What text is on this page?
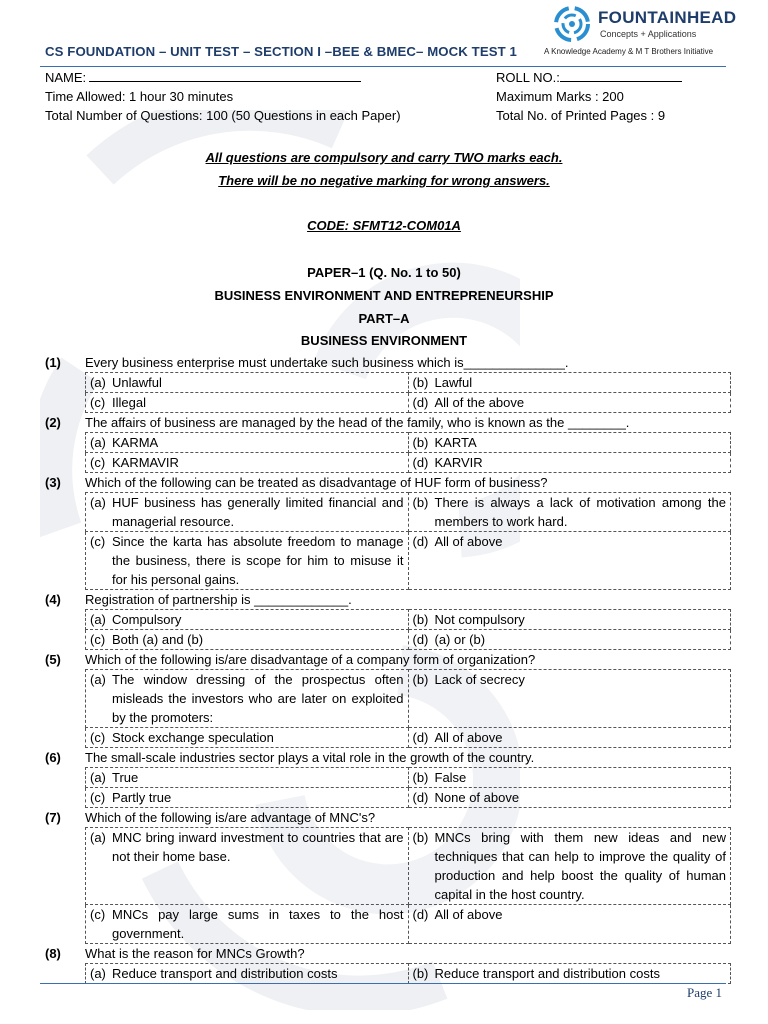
CS FOUNDATION – UNIT TEST – SECTION I –BEE & BMEC– MOCK TEST 1
FOUNTAINHEAD
Concepts + Applications
A Knowledge Academy & M T Brothers Initiative
NAME:
Time Allowed: 1 hour 30 minutes
Total Number of Questions: 100 (50 Questions in each Paper)
ROLL NO.:
Maximum Marks : 200
Total No. of Printed Pages : 9
All questions are compulsory and carry TWO marks each.
There will be no negative marking for wrong answers.
CODE: SFMT12-COM01A
PAPER–1 (Q. No. 1 to 50)
BUSINESS ENVIRONMENT AND ENTREPRENEURSHIP
PART–A
BUSINESS ENVIRONMENT
(1)	Every business enterprise must undertake such business which is______________.
(a) Unlawful	(b) Lawful

(c) Illegal	(d) All of the above
(2)	The affairs of business are managed by the head of the family, who is known as the ________.
(a) KARMA	(b) KARTA

(c) KARMAVIR	(d) KARVIR
(3)	Which of the following can be treated as disadvantage of HUF form of business?
(a) HUF business has generally limited financial and managerial resource.	(b) There is always a lack of motivation among the members to work hard.

(c) Since the karta has absolute freedom to manage the business, there is scope for him to misuse it for his personal gains.	(d) All of above
(4)	Registration of partnership is _____________.
(a) Compulsory	(b) Not compulsory

(c) Both (a) and (b)	(d) (a) or (b)
(5)	Which of the following is/are disadvantage of a company form of organization?
(a) The window dressing of the prospectus often misleads the investors who are later on exploited by the promoters:	(b) Lack of secrecy

(c) Stock exchange speculation	(d) All of above
(6)	The small-scale industries sector plays a vital role in the growth of the country.
(a) True	(b) False

(c) Partly true	(d) None of above
(7)	Which of the following is/are advantage of MNC's?
(a) MNC bring inward investment to countries that are not their home base.	(b) MNCs bring with them new ideas and new techniques that can help to improve the quality of production and help boost the quality of human capital in the host country.

(c) MNCs pay large sums in taxes to the host government.	(d) All of above
(8)	What is the reason for MNCs Growth?
(a) Reduce transport and distribution costs	(b) Reduce transport and distribution costs
Page 1
